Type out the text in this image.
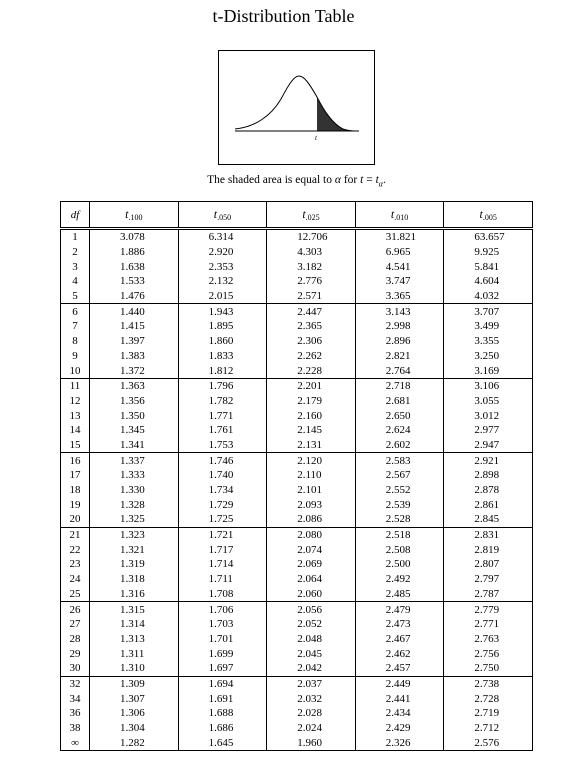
t-Distribution Table
t
The shaded area is equal to α for $t = t_\alpha$.
df	t.100	t.050	t.025	t.010	t.005
1	3.078	6.314	12.706	31.821	63.657
2	1.886	2.920	4.303	6.965	9.925
3	1.638	2.353	3.182	4.541	5.841
4	1.533	2.132	2.776	3.747	4.604
5	1.476	2.015	2.571	3.365	4.032
6	1.440	1.943	2.447	3.143	3.707
7	1.415	1.895	2.365	2.998	3.499
8	1.397	1.860	2.306	2.896	3.355
9	1.383	1.833	2.262	2.821	3.250
10	1.372	1.812	2.228	2.764	3.169
11	1.363	1.796	2.201	2.718	3.106
12	1.356	1.782	2.179	2.681	3.055
13	1.350	1.771	2.160	2.650	3.012
14	1.345	1.761	2.145	2.624	2.977
15	1.341	1.753	2.131	2.602	2.947
16	1.337	1.746	2.120	2.583	2.921
17	1.333	1.740	2.110	2.567	2.898
18	1.330	1.734	2.101	2.552	2.878
19	1.328	1.729	2.093	2.539	2.861
20	1.325	1.725	2.086	2.528	2.845
21	1.323	1.721	2.080	2.518	2.831
22	1.321	1.717	2.074	2.508	2.819
23	1.319	1.714	2.069	2.500	2.807
24	1.318	1.711	2.064	2.492	2.797
25	1.316	1.708	2.060	2.485	2.787
26	1.315	1.706	2.056	2.479	2.779
27	1.314	1.703	2.052	2.473	2.771
28	1.313	1.701	2.048	2.467	2.763
29	1.311	1.699	2.045	2.462	2.756
30	1.310	1.697	2.042	2.457	2.750
32	1.309	1.694	2.037	2.449	2.738
34	1.307	1.691	2.032	2.441	2.728
36	1.306	1.688	2.028	2.434	2.719
38	1.304	1.686	2.024	2.429	2.712
∞	1.282	1.645	1.960	2.326	2.576
